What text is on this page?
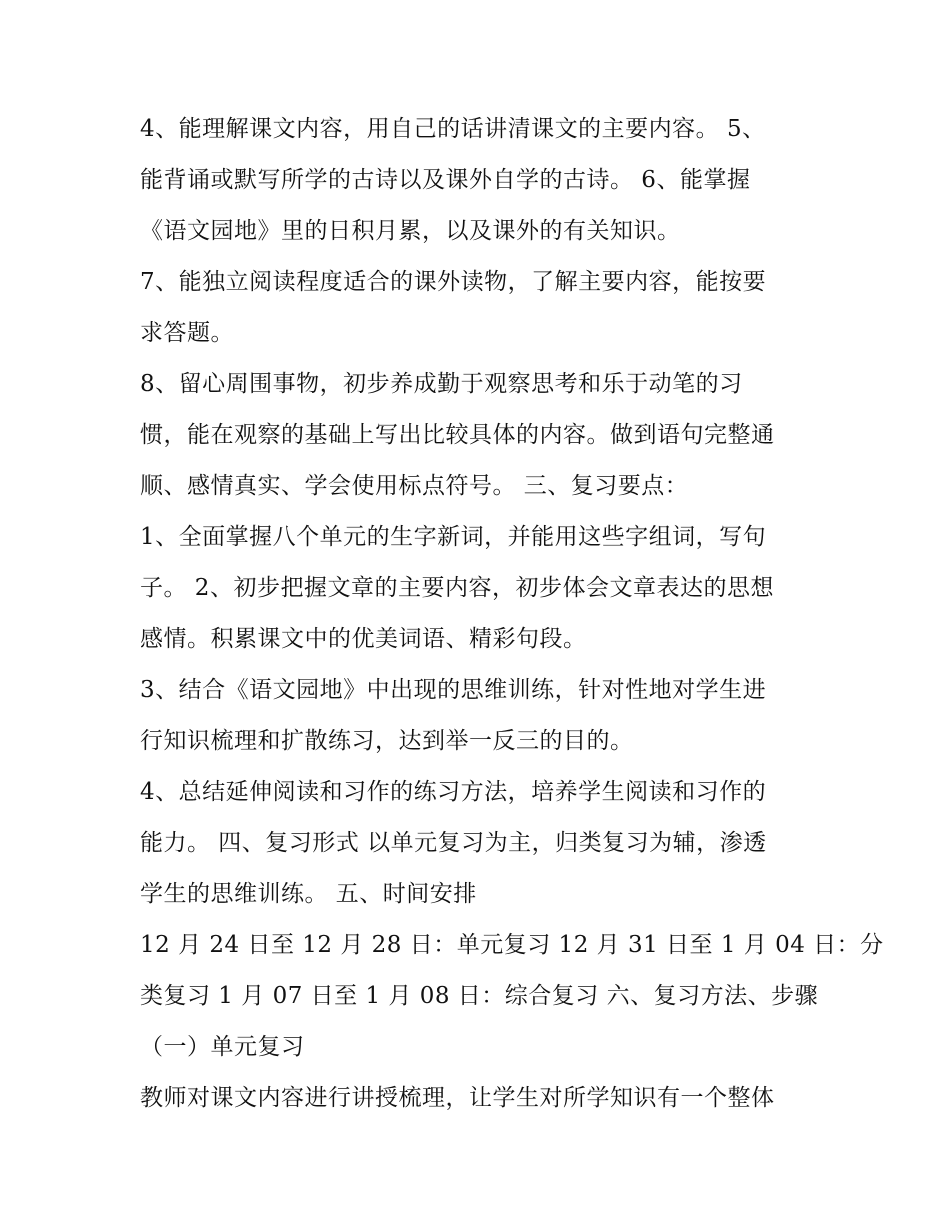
4、能理解课文内容，用自己的话讲清课文的主要内容。 5、
能背诵或默写所学的古诗以及课外自学的古诗。 6、能掌握
《语文园地》里的日积月累，以及课外的有关知识。
7、能独立阅读程度适合的课外读物，了解主要内容，能按要
求答题。
8、留心周围事物，初步养成勤于观察思考和乐于动笔的习
惯，能在观察的基础上写出比较具体的内容。做到语句完整通
顺、感情真实、学会使用标点符号。 三、复习要点：
1、全面掌握八个单元的生字新词，并能用这些字组词，写句
子。 2、初步把握文章的主要内容，初步体会文章表达的思想
感情。积累课文中的优美词语、精彩句段。
3、结合《语文园地》中出现的思维训练，针对性地对学生进
行知识梳理和扩散练习，达到举一反三的目的。
4、总结延伸阅读和习作的练习方法，培养学生阅读和习作的
能力。 四、复习形式 以单元复习为主，归类复习为辅，渗透
学生的思维训练。 五、时间安排
12 月 24 日至 12 月 28 日：单元复习 12 月 31 日至 1 月 04 日：分
类复习 1 月 07 日至 1 月 08 日：综合复习 六、复习方法、步骤
（一）单元复习
教师对课文内容进行讲授梳理，让学生对所学知识有一个整体
